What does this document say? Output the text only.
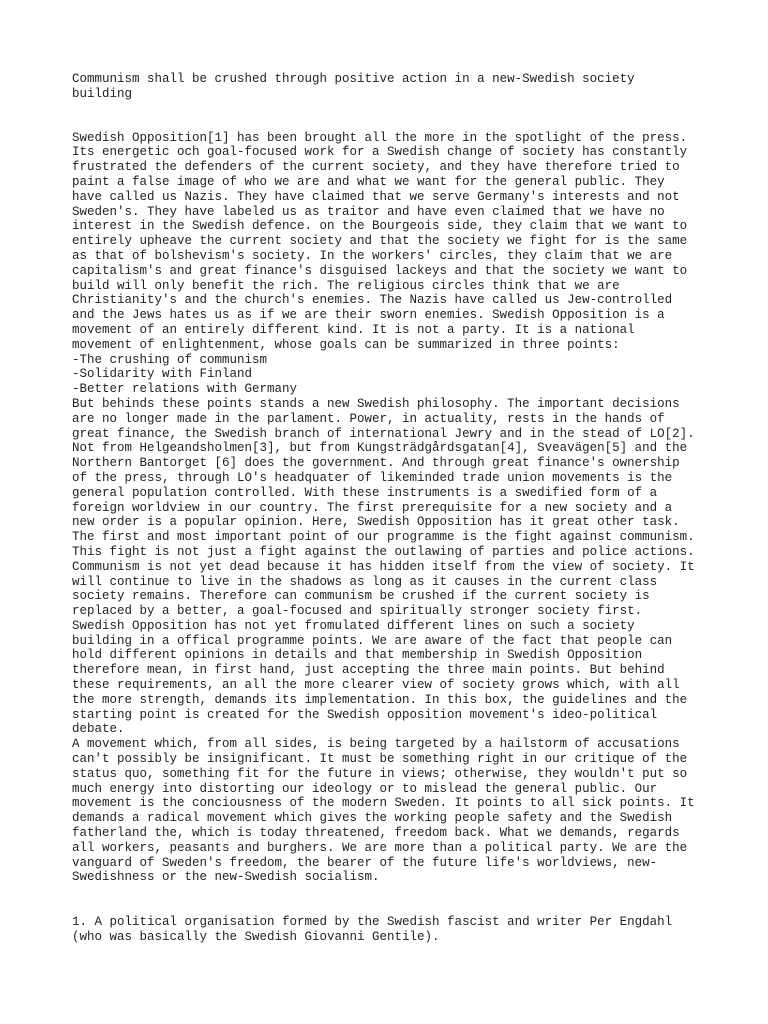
Communism shall be crushed through positive action in a new-Swedish society
building

Swedish Opposition[1] has been brought all the more in the spotlight of the press.
Its energetic och goal-focused work for a Swedish change of society has constantly
frustrated the defenders of the current society, and they have therefore tried to
paint a false image of who we are and what we want for the general public. They
have called us Nazis. They have claimed that we serve Germany's interests and not
Sweden's. They have labeled us as traitor and have even claimed that we have no
interest in the Swedish defence. on the Bourgeois side, they claim that we want to
entirely upheave the current society and that the society we fight for is the same
as that of bolshevism's society. In the workers' circles, they claim that we are
capitalism's and great finance's disguised lackeys and that the society we want to
build will only benefit the rich. The religious circles think that we are
Christianity's and the church's enemies. The Nazis have called us Jew-controlled
and the Jews hates us as if we are their sworn enemies. Swedish Opposition is a
movement of an entirely different kind. It is not a party. It is a national
movement of enlightenment, whose goals can be summarized in three points:
-The crushing of communism
-Solidarity with Finland
-Better relations with Germany
But behinds these points stands a new Swedish philosophy. The important decisions
are no longer made in the parlament. Power, in actuality, rests in the hands of
great finance, the Swedish branch of international Jewry and in the stead of LO[2].
Not from Helgeandsholmen[3], but from Kungsträdgårdsgatan[4], Sveavägen[5] and the
Northern Bantorget [6] does the government. And through great finance's ownership
of the press, through LO's headquater of likeminded trade union movements is the
general population controlled. With these instruments is a swedified form of a
foreign worldview in our country. The first prerequisite for a new society and a
new order is a popular opinion. Here, Swedish Opposition has it great other task.
The first and most important point of our programme is the fight against communism.
This fight is not just a fight against the outlawing of parties and police actions.
Communism is not yet dead because it has hidden itself from the view of society. It
will continue to live in the shadows as long as it causes in the current class
society remains. Therefore can communism be crushed if the current society is
replaced by a better, a goal-focused and spiritually stronger society first.
Swedish Opposition has not yet fromulated different lines on such a society
building in a offical programme points. We are aware of the fact that people can
hold different opinions in details and that membership in Swedish Opposition
therefore mean, in first hand, just accepting the three main points. But behind
these requirements, an all the more clearer view of society grows which, with all
the more strength, demands its implementation. In this box, the guidelines and the
starting point is created for the Swedish opposition movement's ideo-political
debate.
A movement which, from all sides, is being targeted by a hailstorm of accusations
can't possibly be insignificant. It must be something right in our critique of the
status quo, something fit for the future in views; otherwise, they wouldn't put so
much energy into distorting our ideology or to mislead the general public. Our
movement is the conciousness of the modern Sweden. It points to all sick points. It
demands a radical movement which gives the working people safety and the Swedish
fatherland the, which is today threatened, freedom back. What we demands, regards
all workers, peasants and burghers. We are more than a political party. We are the
vanguard of Sweden's freedom, the bearer of the future life's worldviews, new-
Swedishness or the new-Swedish socialism.

1. A political organisation formed by the Swedish fascist and writer Per Engdahl
(who was basically the Swedish Giovanni Gentile).
